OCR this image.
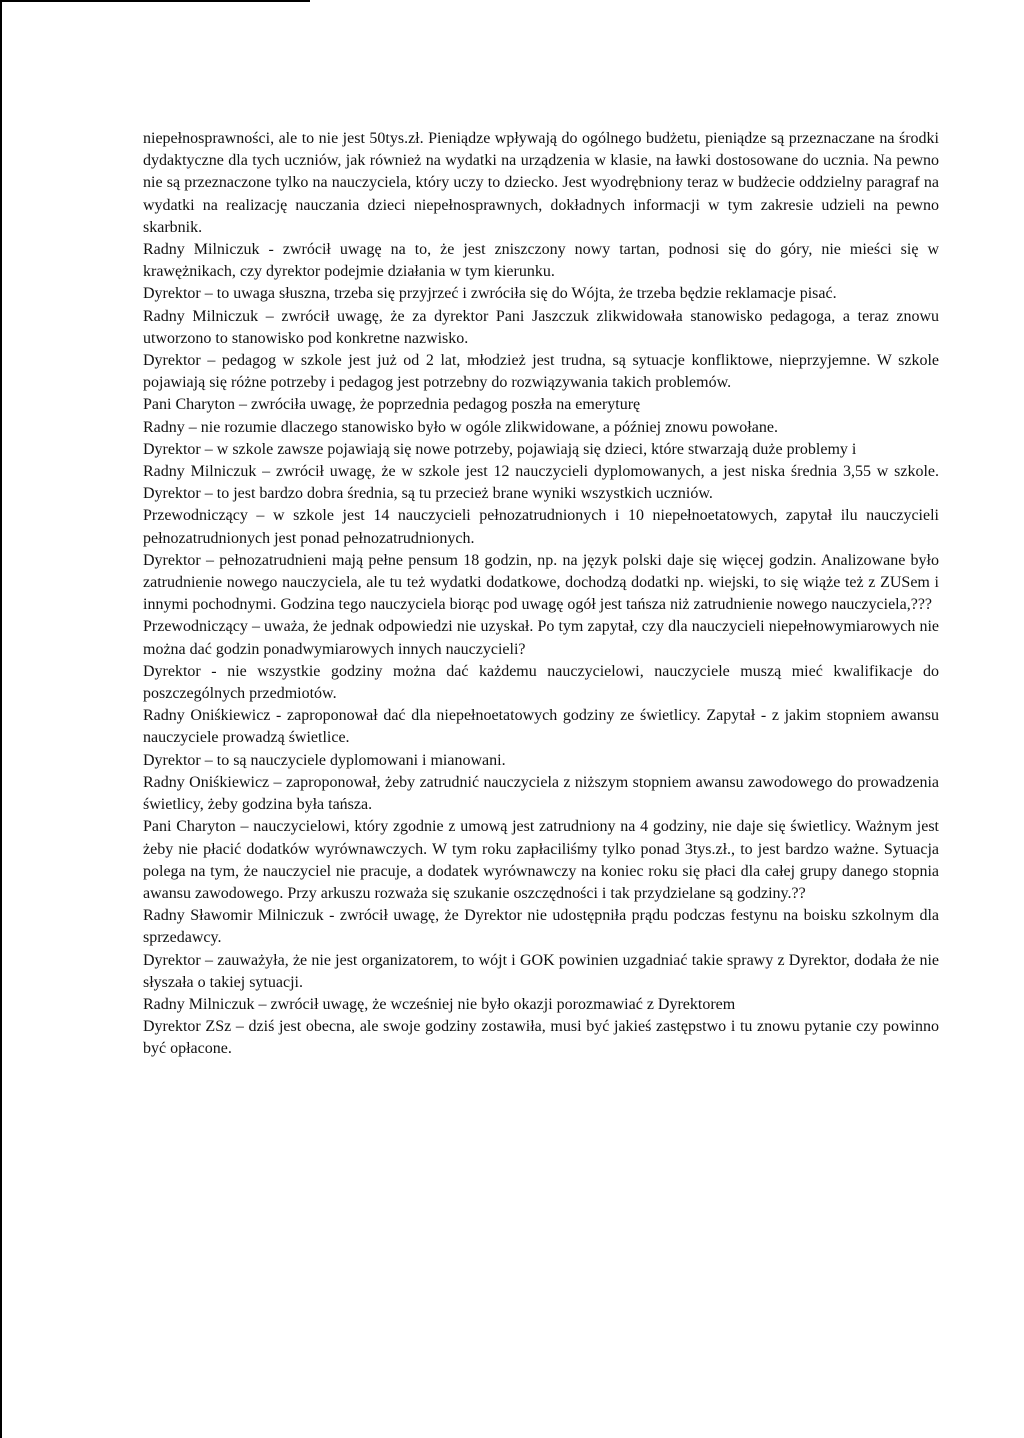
niepełnosprawności, ale to nie jest 50tys.zł. Pieniądze wpływają do ogólnego budżetu, pieniądze są przeznaczane na środki dydaktyczne dla tych uczniów, jak również na wydatki na urządzenia w klasie, na ławki dostosowane do ucznia. Na pewno nie są przeznaczone tylko na nauczyciela, który uczy to dziecko. Jest wyodrębniony teraz w budżecie oddzielny paragraf na wydatki na realizację nauczania dzieci niepełnosprawnych, dokładnych informacji w tym zakresie udzieli na pewno skarbnik.

Radny Milniczuk - zwrócił uwagę na to, że jest zniszczony nowy tartan, podnosi się do góry, nie mieści się w krawężnikach, czy dyrektor podejmie działania w tym kierunku.

Dyrektor – to uwaga słuszna, trzeba się przyjrzeć i zwróciła się do Wójta, że trzeba będzie reklamacje pisać.

Radny Milniczuk – zwrócił uwagę, że za dyrektor Pani Jaszczuk zlikwidowała stanowisko pedagoga, a teraz znowu utworzono to stanowisko pod konkretne nazwisko.

Dyrektor – pedagog w szkole jest już od 2 lat, młodzież jest trudna, są sytuacje konfliktowe, nieprzyjemne. W szkole pojawiają się różne potrzeby i pedagog jest potrzebny do rozwiązywania takich problemów.

Pani Charyton – zwróciła uwagę, że poprzednia pedagog poszła na emeryturę

Radny – nie rozumie dlaczego stanowisko było w ogóle zlikwidowane, a później znowu powołane.

Dyrektor – w szkole zawsze pojawiają się nowe potrzeby, pojawiają się dzieci, które stwarzają duże problemy i

Radny Milniczuk – zwrócił uwagę, że w szkole jest 12 nauczycieli dyplomowanych, a jest niska średnia 3,55 w szkole. Dyrektor – to jest bardzo dobra średnia, są tu przecież brane wyniki wszystkich uczniów.

Przewodniczący – w szkole jest 14 nauczycieli pełnozatrudnionych i 10 niepełnoetatowych, zapytał ilu nauczycieli pełnozatrudnionych jest ponad pełnozatrudnionych.

Dyrektor – pełnozatrudnieni mają pełne pensum 18 godzin, np. na język polski daje się więcej godzin. Analizowane było zatrudnienie nowego nauczyciela, ale tu też wydatki dodatkowe, dochodzą dodatki np. wiejski, to się wiąże też z ZUSem i innymi pochodnymi. Godzina tego nauczyciela biorąc pod uwagę ogół jest tańsza niż zatrudnienie nowego nauczyciela,???

Przewodniczący – uważa, że jednak odpowiedzi nie uzyskał. Po tym zapytał, czy dla nauczycieli niepełnowymiarowych nie można dać godzin ponadwymiarowych innych nauczycieli?

Dyrektor - nie wszystkie godziny można dać każdemu nauczycielowi, nauczyciele muszą mieć kwalifikacje do poszczególnych przedmiotów.

Radny Oniśkiewicz - zaproponował dać dla niepełnoetatowych godziny ze świetlicy. Zapytał - z jakim stopniem awansu nauczyciele prowadzą świetlice.

Dyrektor – to są nauczyciele dyplomowani i mianowani.

Radny Oniśkiewicz – zaproponował, żeby zatrudnić nauczyciela z niższym stopniem awansu zawodowego do prowadzenia świetlicy, żeby godzina była tańsza.

Pani Charyton – nauczycielowi, który zgodnie z umową jest zatrudniony na 4 godziny, nie daje się świetlicy. Ważnym jest żeby nie płacić dodatków wyrównawczych. W tym roku zapłaciliśmy tylko ponad 3tys.zł., to jest bardzo ważne. Sytuacja polega na tym, że nauczyciel nie pracuje, a dodatek wyrównawczy na koniec roku się płaci dla całej grupy danego stopnia awansu zawodowego. Przy arkuszu rozważa się szukanie oszczędności i tak przydzielane są godziny.??

Radny Sławomir Milniczuk - zwrócił uwagę, że Dyrektor nie udostępniła prądu podczas festynu na boisku szkolnym dla sprzedawcy.

Dyrektor – zauważyła, że nie jest organizatorem, to wójt i GOK powinien uzgadniać takie sprawy z Dyrektor, dodała że nie słyszała o takiej sytuacji.

Radny Milniczuk – zwrócił uwagę, że wcześniej nie było okazji porozmawiać z Dyrektorem

Dyrektor ZSz – dziś jest obecna, ale swoje godziny zostawiła, musi być jakieś zastępstwo i tu znowu pytanie czy powinno być opłacone.
